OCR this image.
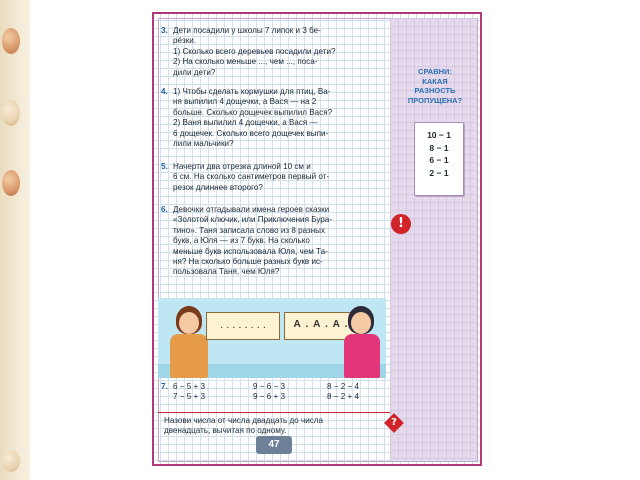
3. Дети посадили у школы 7 липок и 3 бе-
рёзки.
1) Сколько всего деревьев посадили дети?
2) На сколько меньше ..., чем ..., поса-
дили дети?
4. 1) Чтобы сделать кормушки для птиц, Ва-
ня выпилил 4 дощечки, а Вася — на 2
больше. Сколько дощечек выпилил Вася?
2) Ваня выпилил 4 дощечки, а Вася —
6 дощечек. Сколько всего дощечек выпи-
лили мальчики?
5. Начерти два отрезка длиной 10 см и
6 см. На сколько сантиметров первый от-
резок длиннее второго?
6. Девочки отгадывали имена героев сказки
«Золотой ключик, или Приключения Бура-
тино». Таня записала слово из 8 разных
букв, а Юля — из 7 букв. На сколько
меньше букв использовала Юля, чем Та-
ня? На сколько больше разных букв ис-
пользовала Таня, чем Юля?
СРАВНИ:
КАКАЯ
РАЗНОСТЬ
ПРОПУЩЕНА?
10 − 1
8 − 1
6 − 1
2 − 1
!
. . . . . . . .	А . А . А .
7. 6 − 5 + 3
7 − 5 + 3
9 − 6 − 3
9 − 6 + 3
8 − 2 − 4
8 − 2 + 4
Назови числа от числа двадцать до числа
двенадцать, вычитая по одному.
?
47
